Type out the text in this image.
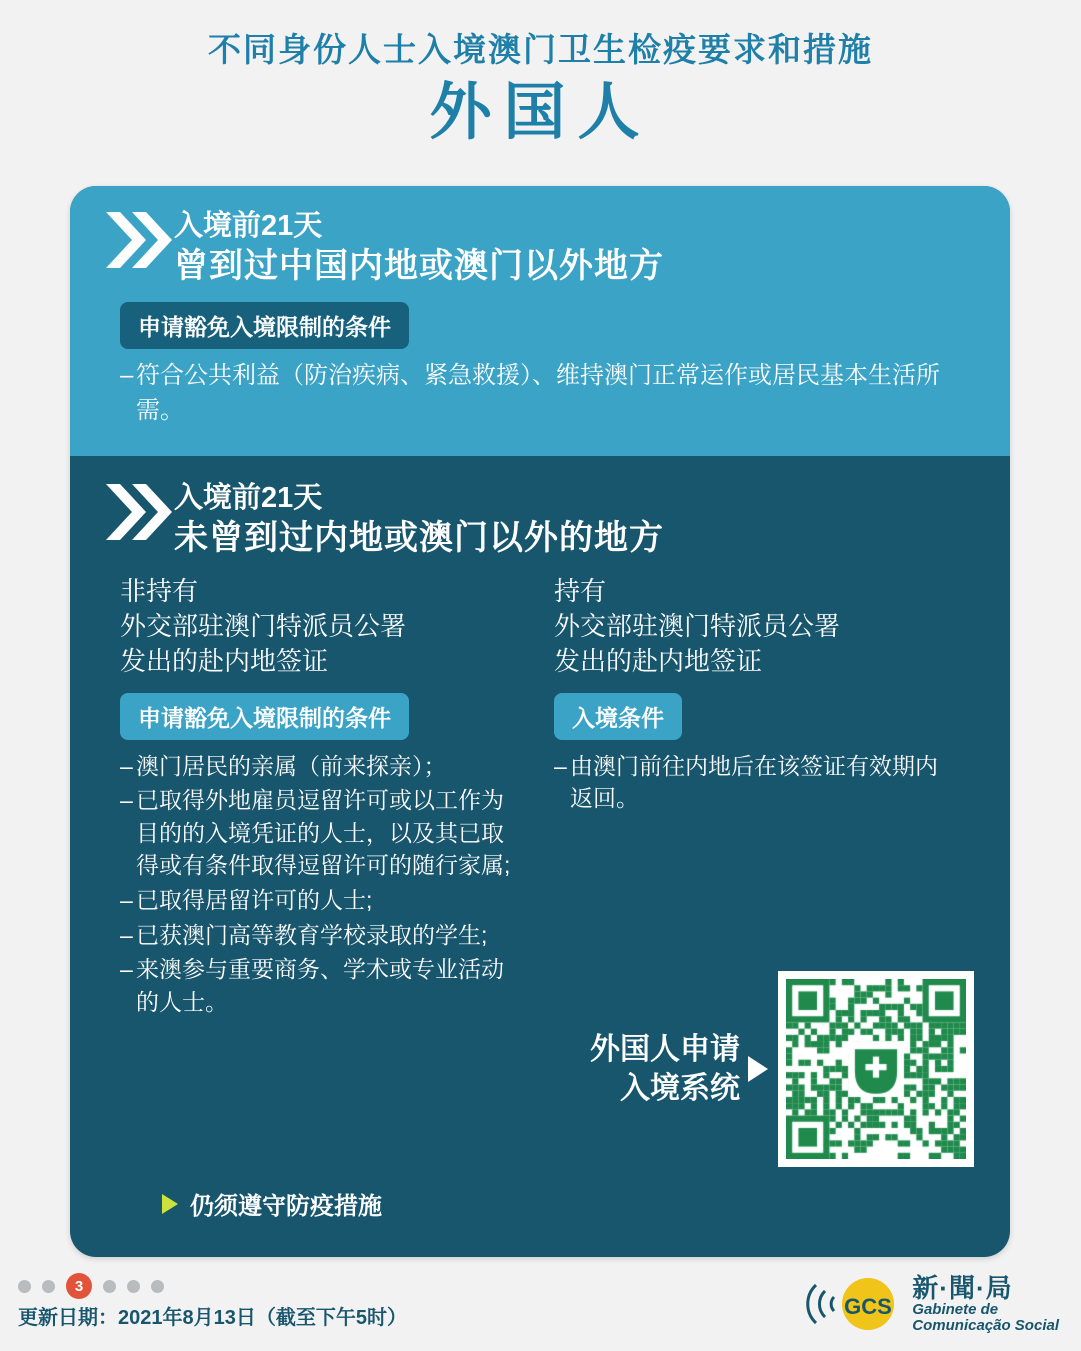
不同身份人士入境澳门卫生检疫要求和措施
外国人
入境前21天
曾到过中国内地或澳门以外地方
申请豁免入境限制的条件
– 符合公共利益（防治疾病、紧急救援）、维持澳门正常运作或居民基本生活所需。
入境前21天
未曾到过内地或澳门以外的地方
非持有
外交部驻澳门特派员公署
发出的赴内地签证
申请豁免入境限制的条件
– 澳门居民的亲属（前来探亲）；
– 已取得外地雇员逗留许可或以工作为目的的入境凭证的人士，以及其已取得或有条件取得逗留许可的随行家属;
– 已取得居留许可的人士;
– 已获澳门高等教育学校录取的学生;
– 来澳参与重要商务、学术或专业活动的人士。
持有
外交部驻澳门特派员公署
发出的赴内地签证
入境条件
– 由澳门前往内地后在该签证有效期内返回。
外国人申请
入境系统
仍须遵守防疫措施
3
更新日期：2021年8月13日（截至下午5时）	GCS
新·聞·局
Gabinete de
Comunicação Social
